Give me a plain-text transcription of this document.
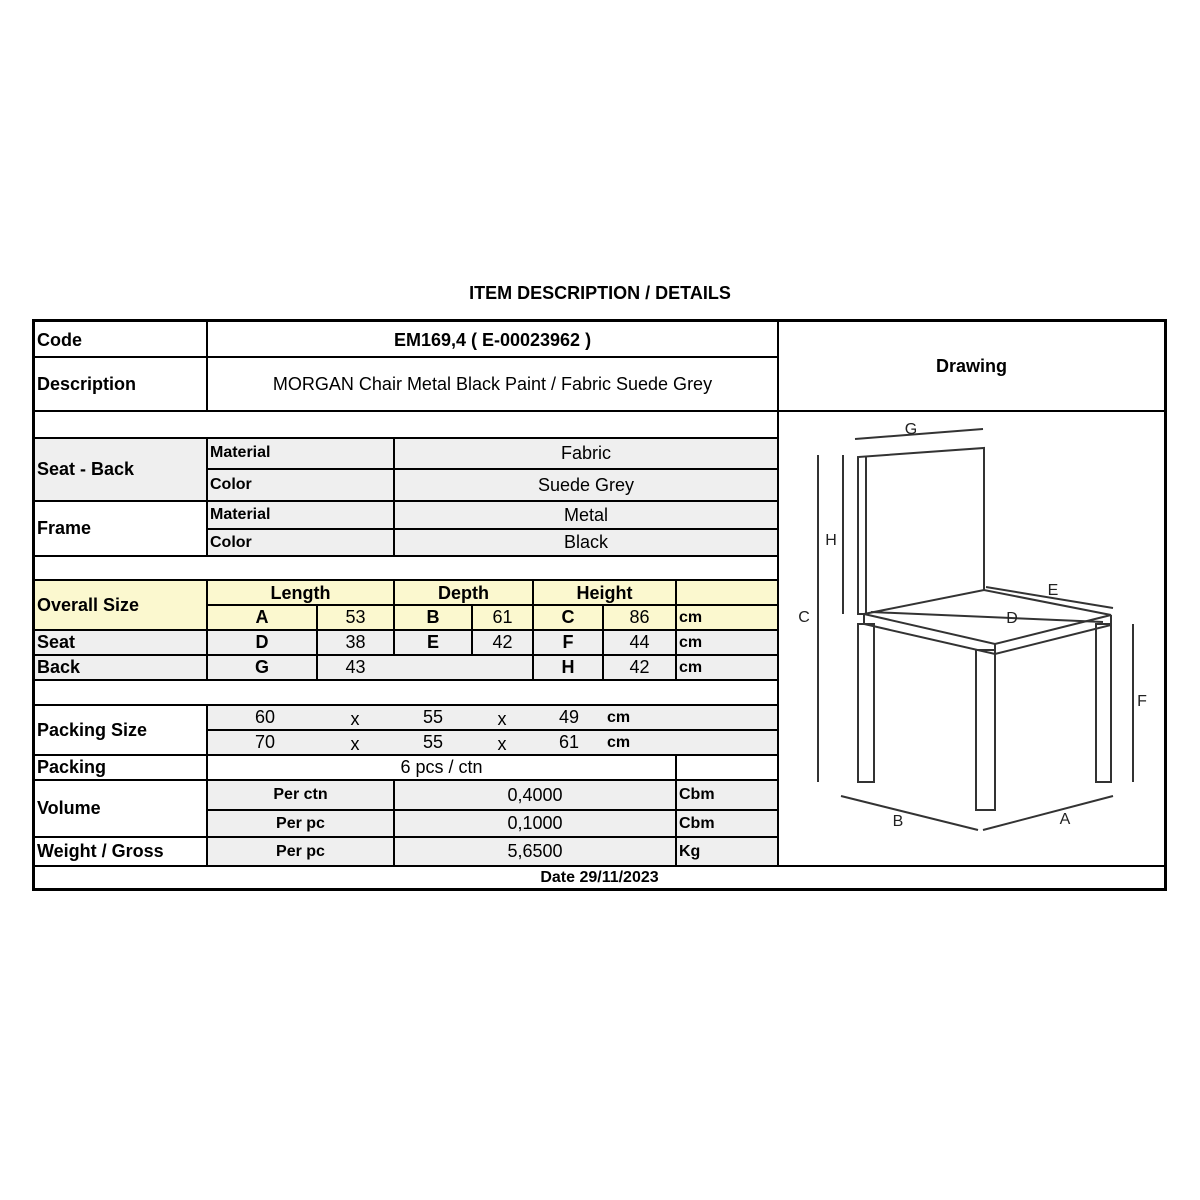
ITEM DESCRIPTION / DETAILS
Code	EM169,4 ( E-00023962 )
Description	MORGAN Chair Metal Black Paint / Fabric Suede Grey
Drawing
Seat - Back
Material	Fabric
Color	Suede Grey
Frame
Material	Metal
Color	Black
Overall Size
Length	Depth	Height
A	53	B	61	C	86	cm
Seat	D	38	E	42	F	44	cm
Back	G	43	H	42	cm
Packing Size
60	x	55	x	49	cm
70	x	55	x	61	cm
Packing	6 pcs / ctn
Volume
Per ctn	0,4000	Cbm
Per pc	0,1000	Cbm
Weight / Gross	Per pc	5,6500	Kg
Date 29/11/2023
G
H
C
E
D
F
B	A
